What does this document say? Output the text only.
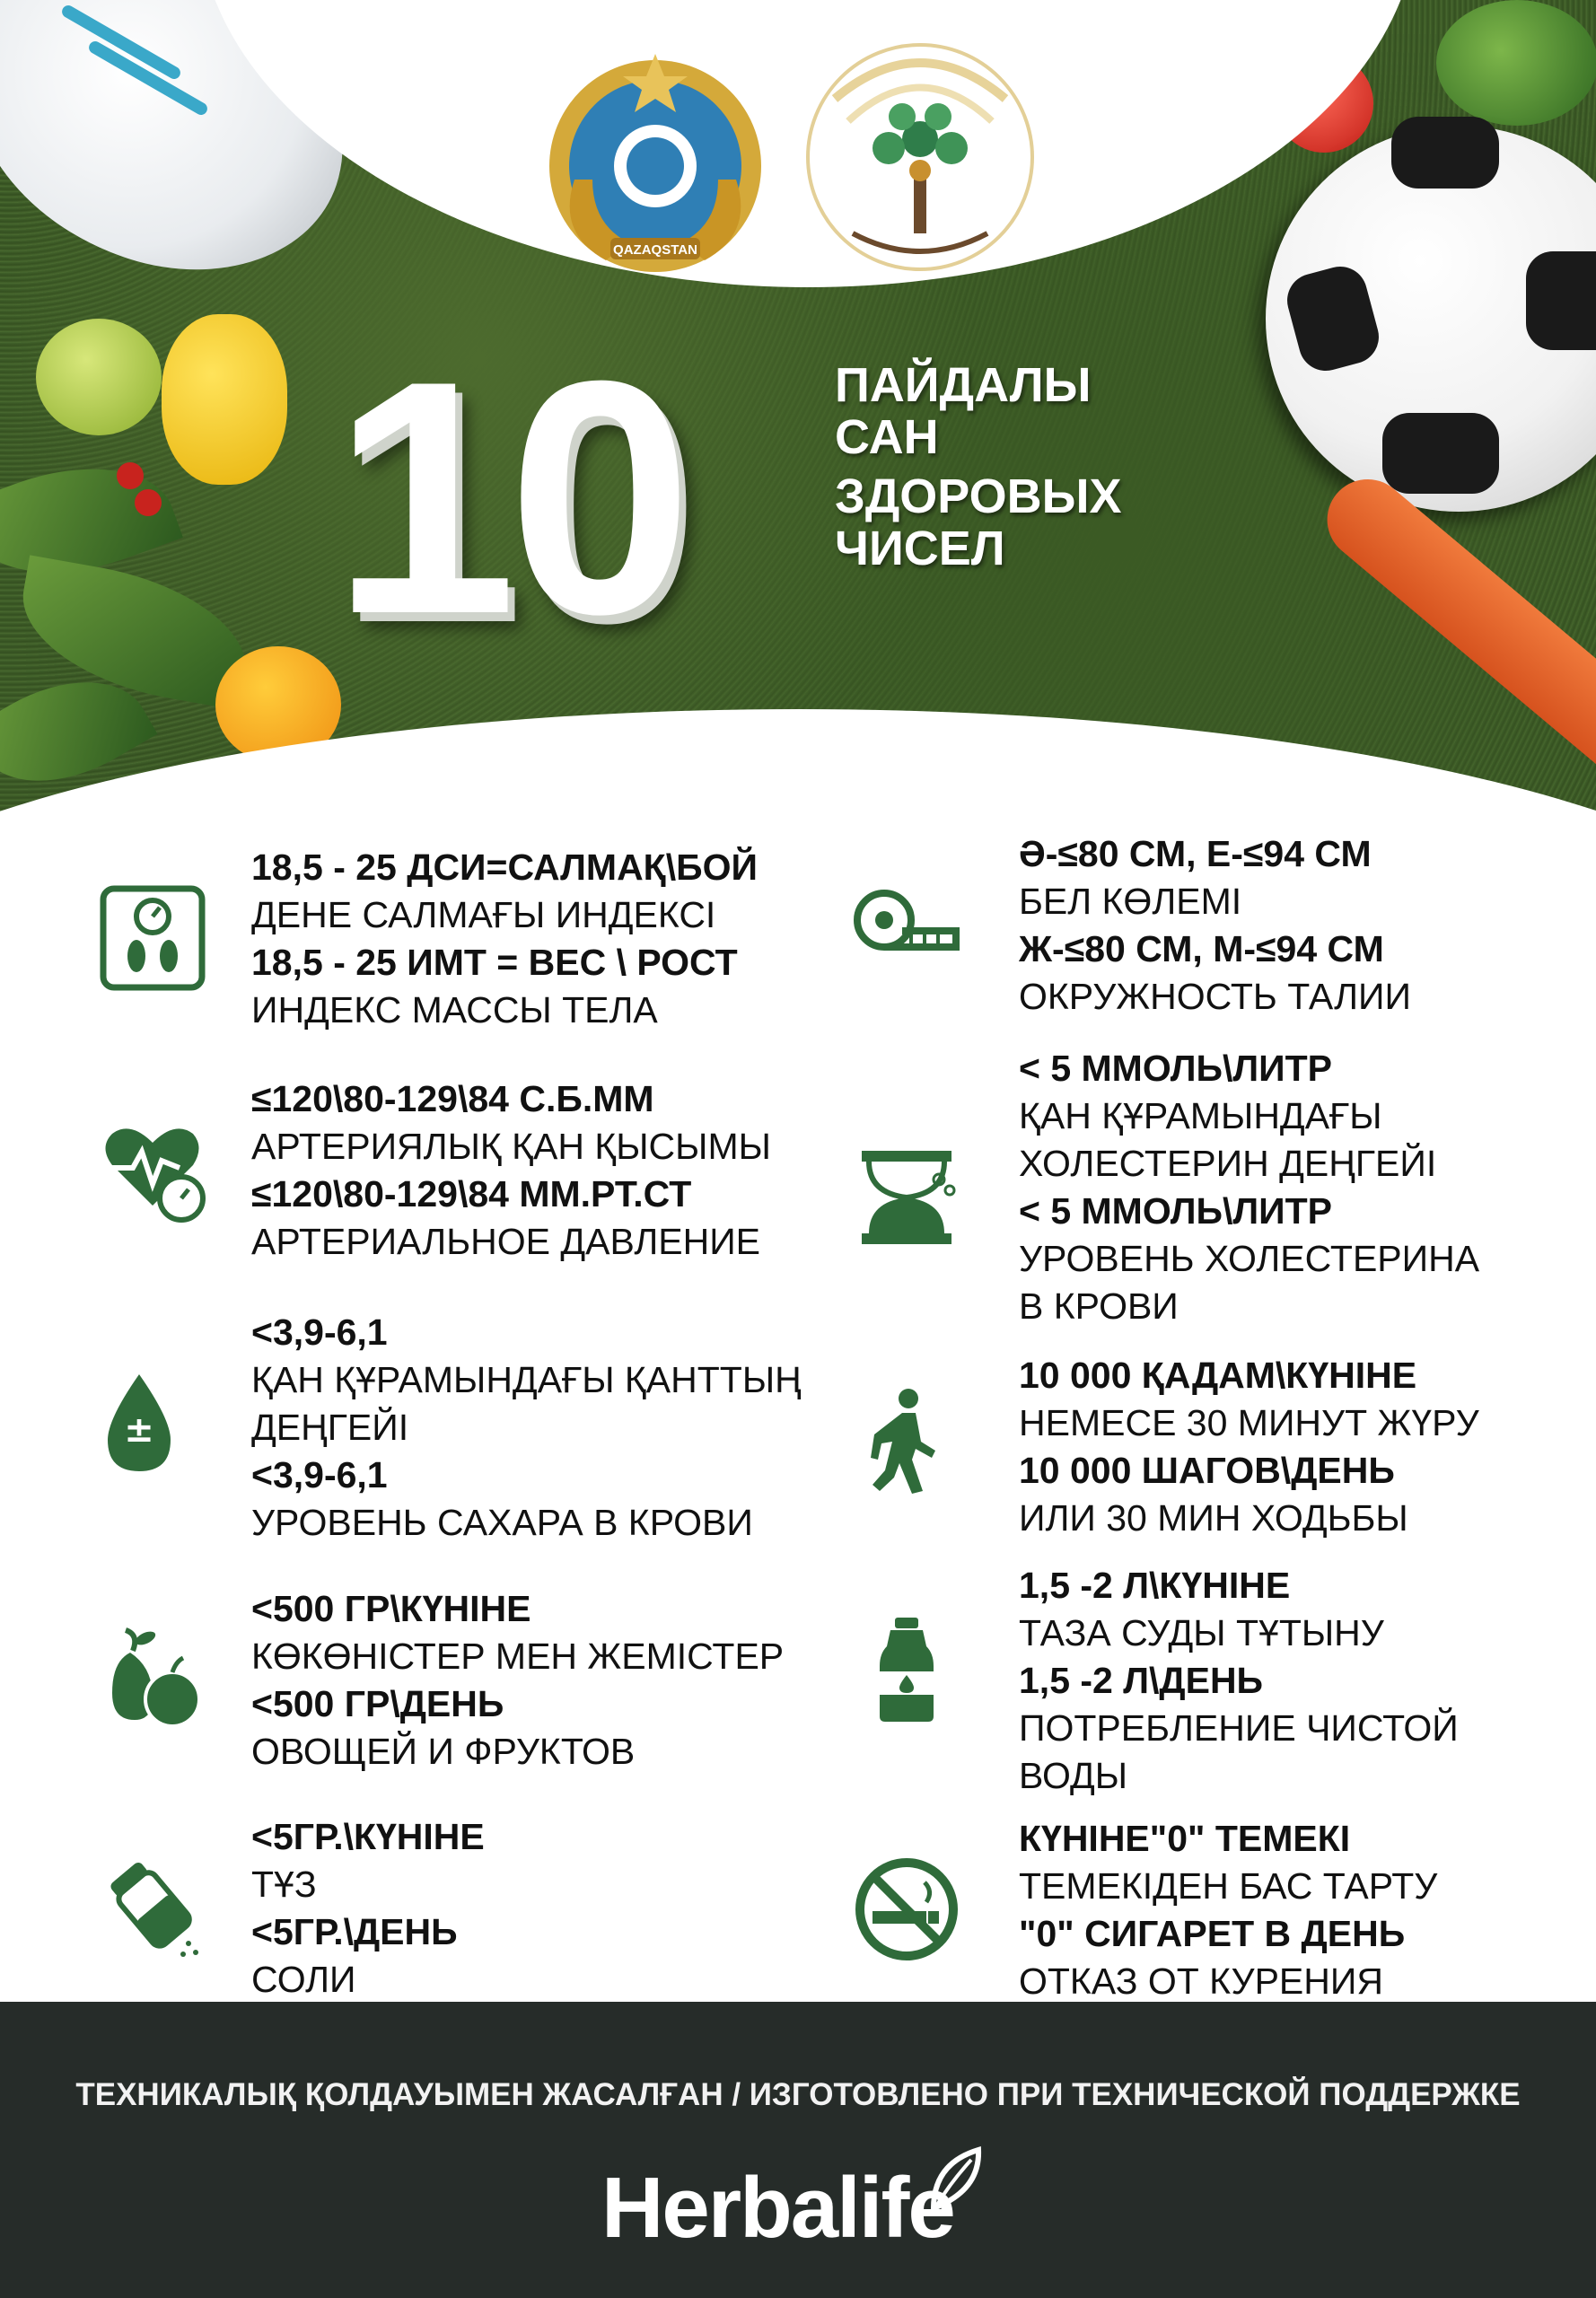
QAZAQSTAN
10	ПАЙДАЛЫ
САН
ЗДОРОВЫХ
ЧИСЕЛ
18,5 - 25 ДСИ=САЛМАҚ\БОЙ
ДЕНЕ САЛМАҒЫ ИНДЕКСІ
18,5 - 25 ИМТ = ВЕС \ РОСТ
ИНДЕКС МАССЫ ТЕЛА
≤120\80-129\84 С.Б.ММ
АРТЕРИЯЛЫҚ ҚАН ҚЫСЫМЫ
≤120\80-129\84 ММ.РТ.СТ
АРТЕРИАЛЬНОЕ ДАВЛЕНИЕ
±
<3,9-6,1
ҚАН ҚҰРАМЫНДАҒЫ ҚАНТТЫҢ
ДЕҢГЕЙІ
<3,9-6,1
УРОВЕНЬ САХАРА В КРОВИ
<500 ГР\КҮНІНЕ
КӨКӨНІСТЕР МЕН ЖЕМІСТЕР
<500 ГР\ДЕНЬ
ОВОЩЕЙ И ФРУКТОВ
<5ГР.\КҮНІНЕ
ТҰЗ
<5ГР.\ДЕНЬ
СОЛИ
Ә-≤80 СМ, Е-≤94 СМ
БЕЛ КӨЛЕМІ
Ж-≤80 СМ, М-≤94 СМ
ОКРУЖНОСТЬ ТАЛИИ
< 5 ММОЛЬ\ЛИТР
ҚАН ҚҰРАМЫНДАҒЫ
ХОЛЕСТЕРИН ДЕҢГЕЙІ
< 5 ММОЛЬ\ЛИТР
УРОВЕНЬ ХОЛЕСТЕРИНА
В КРОВИ
10 000 ҚАДАМ\КҮНІНЕ
НЕМЕСЕ 30 МИНУТ ЖҮРУ
10 000 ШАГОВ\ДЕНЬ
ИЛИ 30 МИН ХОДЬБЫ
1,5 -2 Л\КҮНІНЕ
ТАЗА СУДЫ ТҰТЫНУ
1,5 -2 Л\ДЕНЬ
ПОТРЕБЛЕНИЕ ЧИСТОЙ
ВОДЫ
КҮНІНЕ"0" ТЕМЕКІ
ТЕМЕКІДЕН БАС ТАРТУ
"0" СИГАРЕТ В ДЕНЬ
ОТКАЗ ОТ КУРЕНИЯ
ТЕХНИКАЛЫҚ ҚОЛДАУЫМЕН ЖАСАЛҒАН / ИЗГОТОВЛЕНО ПРИ ТЕХНИЧЕСКОЙ ПОДДЕРЖКЕ
Herbalife
